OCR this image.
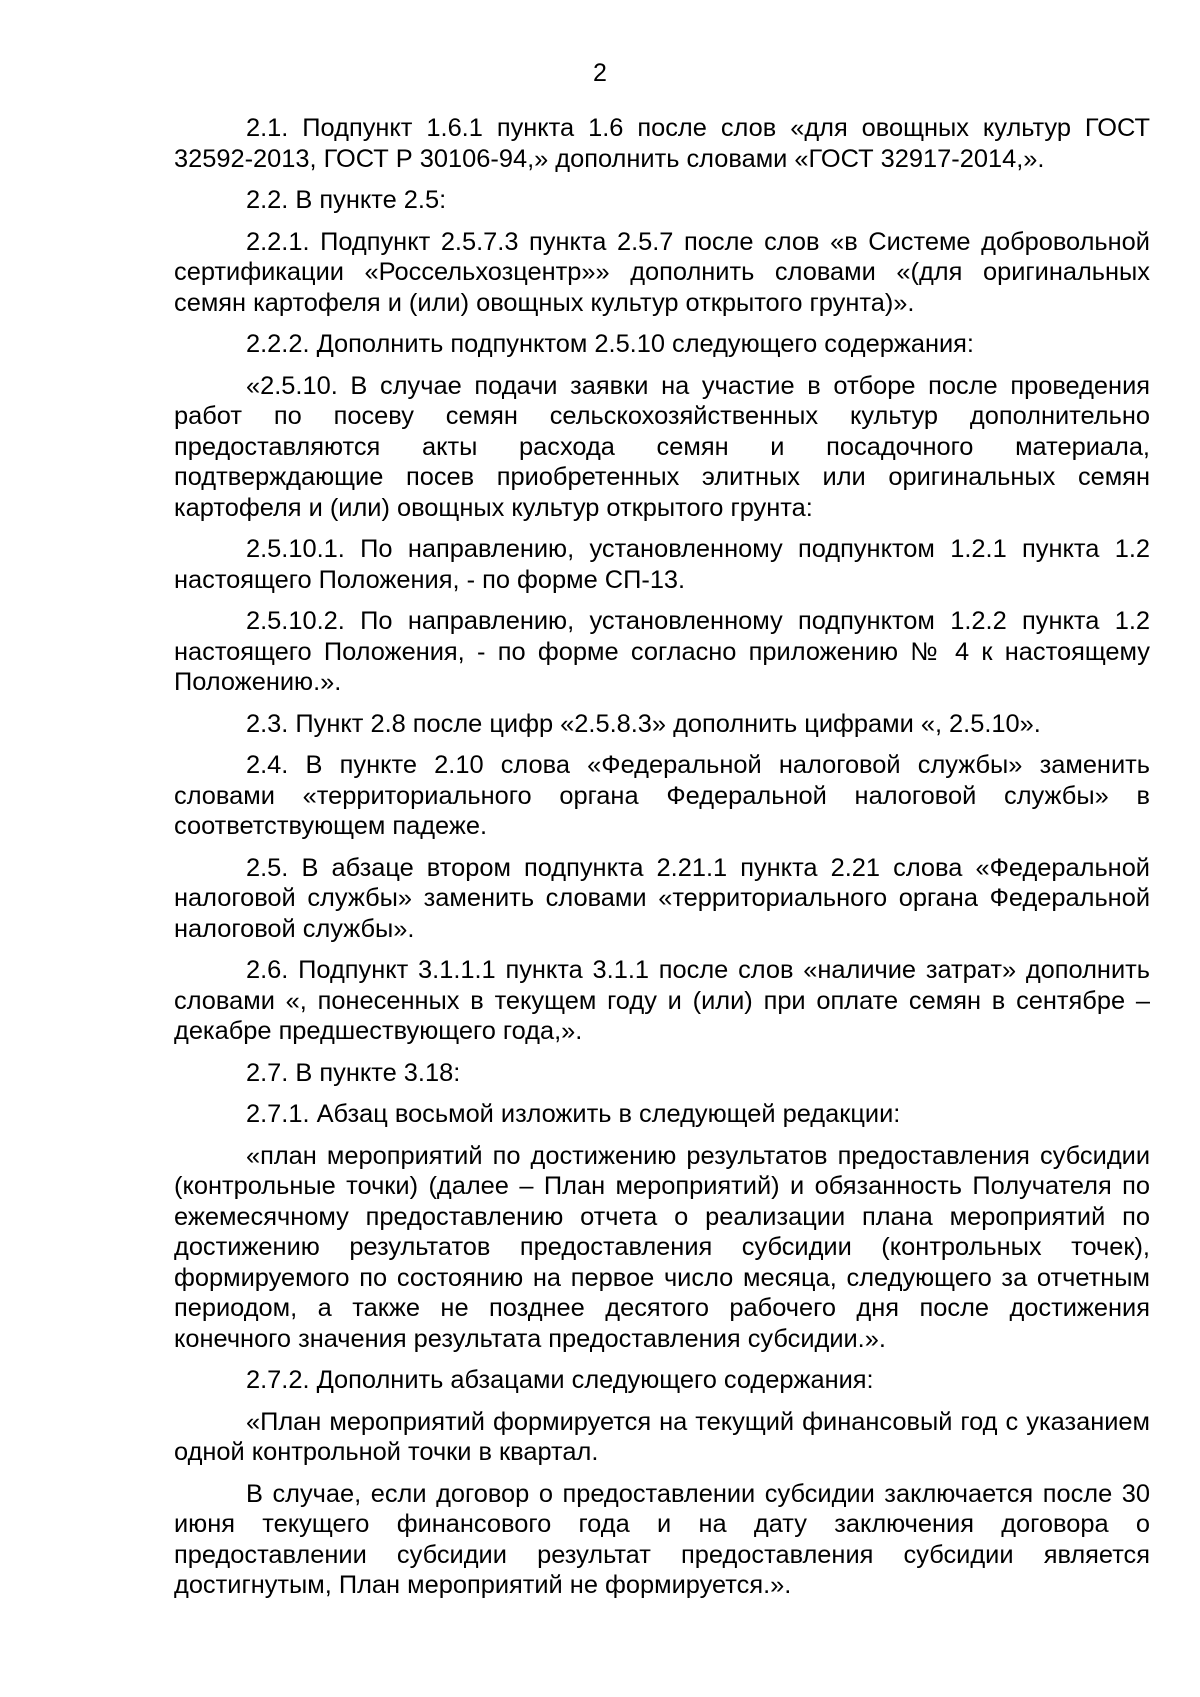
2

2.1. Подпункт 1.6.1 пункта 1.6 после слов «для овощных культур ГОСТ 32592-2013, ГОСТ Р 30106-94,» дополнить словами «ГОСТ 32917-2014,».

2.2. В пункте 2.5:

2.2.1. Подпункт 2.5.7.3 пункта 2.5.7 после слов «в Системе добровольной сертификации «Россельхозцентр»» дополнить словами «(для оригинальных семян картофеля и (или) овощных культур открытого грунта)».

2.2.2. Дополнить подпунктом 2.5.10 следующего содержания:

«2.5.10. В случае подачи заявки на участие в отборе после проведения работ по посеву семян сельскохозяйственных культур дополнительно предоставляются акты расхода семян и посадочного материала, подтверждающие посев приобретенных элитных или оригинальных семян картофеля и (или) овощных культур открытого грунта:

2.5.10.1. По направлению, установленному подпунктом 1.2.1 пункта 1.2 настоящего Положения, - по форме СП-13.

2.5.10.2. По направлению, установленному подпунктом 1.2.2 пункта 1.2 настоящего Положения, - по форме согласно приложению № 4 к настоящему Положению.».

2.3. Пункт 2.8 после цифр «2.5.8.3» дополнить цифрами «, 2.5.10».

2.4. В пункте 2.10 слова «Федеральной налоговой службы» заменить словами «территориального органа Федеральной налоговой службы» в соответствующем падеже.

2.5. В абзаце втором подпункта 2.21.1 пункта 2.21 слова «Федеральной налоговой службы» заменить словами «территориального органа Федеральной налоговой службы».

2.6. Подпункт 3.1.1.1 пункта 3.1.1 после слов «наличие затрат» дополнить словами «, понесенных в текущем году и (или) при оплате семян в сентябре – декабре предшествующего года,».

2.7. В пункте 3.18:

2.7.1. Абзац восьмой изложить в следующей редакции:

«план мероприятий по достижению результатов предоставления субсидии (контрольные точки) (далее – План мероприятий) и обязанность Получателя по ежемесячному предоставлению отчета о реализации плана мероприятий по достижению результатов предоставления субсидии (контрольных точек), формируемого по состоянию на первое число месяца, следующего за отчетным периодом, а также не позднее десятого рабочего дня после достижения конечного значения результата предоставления субсидии.».

2.7.2. Дополнить абзацами следующего содержания:

«План мероприятий формируется на текущий финансовый год с указанием одной контрольной точки в квартал.

В случае, если договор о предоставлении субсидии заключается после 30 июня текущего финансового года и на дату заключения договора о предоставлении субсидии результат предоставления субсидии является достигнутым, План мероприятий не формируется.».
